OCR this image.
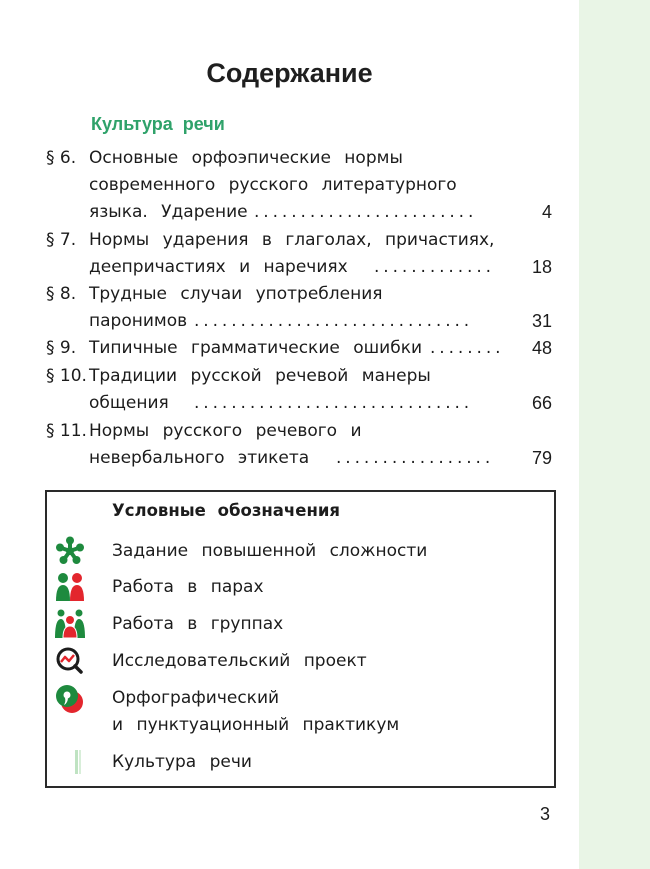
Содержание
Культура речи
§ 6. Основные орфоэпические нормы
современного русского литературного
языка. Ударение ........................	4
§ 7. Нормы ударения в глаголах, причастиях,
деепричастиях и наречиях ............. 18
§ 8. Трудные случаи употребления
паронимов ..............................	31
§ 9. Типичные грамматические ошибки ........ 48
§ 10. Традиции русской речевой манеры
общения ..............................	66
§ 11. Нормы русского речевого и
невербального этикета ................. 79
Условные обозначения
Задание повышенной сложности
Работа в парах
Работа в группах
Исследовательский проект
Орфографический
и пунктуационный практикум
Культура речи
3
